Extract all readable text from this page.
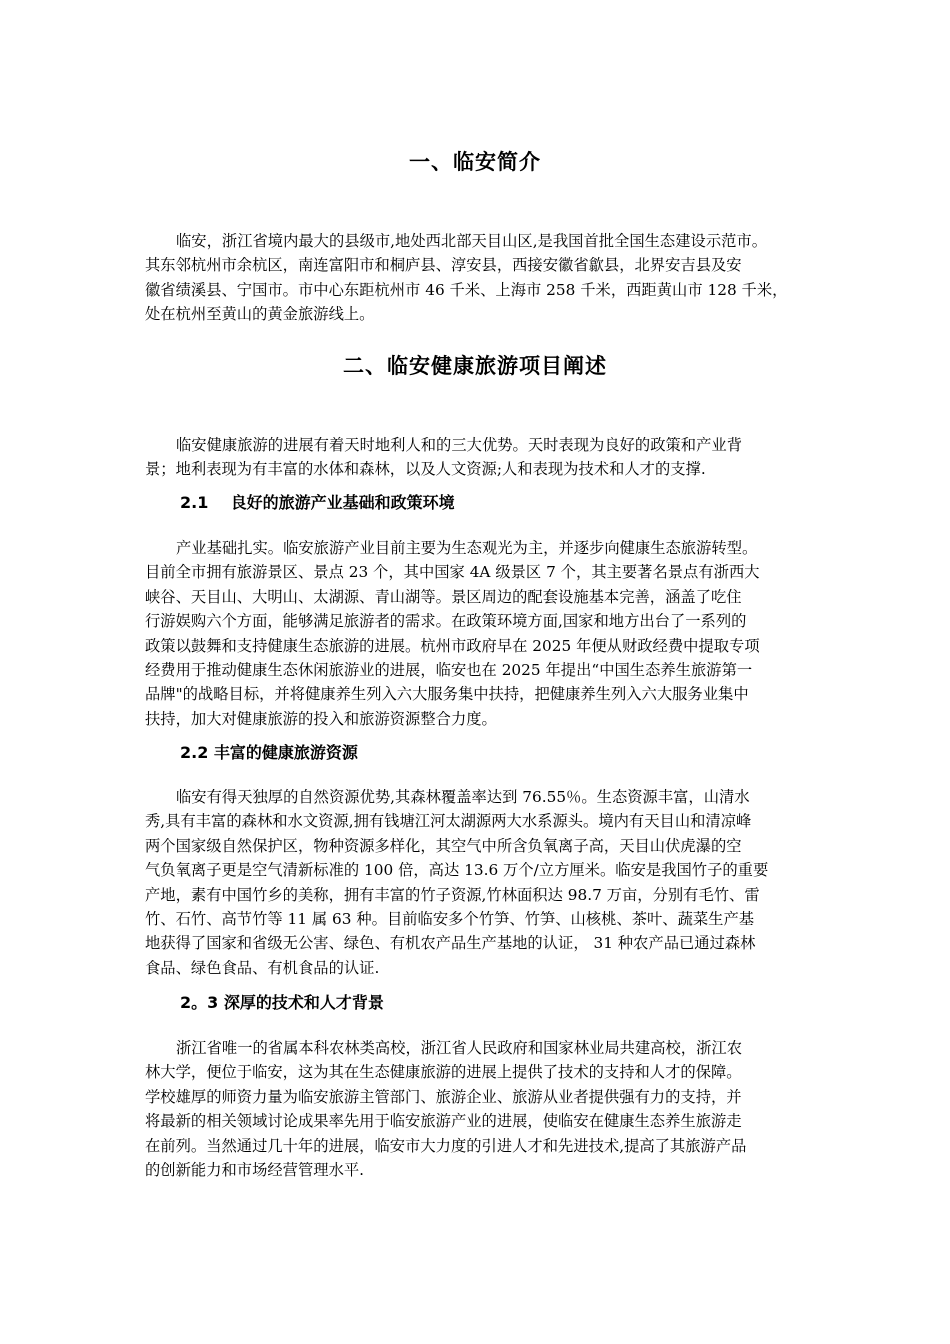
一、临安简介
临安，浙江省境内最大的县级市,地处西北部天目山区,是我国首批全国生态建设示范市。
其东邻杭州市余杭区，南连富阳市和桐庐县、淳安县，西接安徽省歙县，北界安吉县及安
徽省绩溪县、宁国市。市中心东距杭州市 46 千米、上海市 258 千米，西距黄山市 128 千米，
处在杭州至黄山的黄金旅游线上。
二、临安健康旅游项目阐述
临安健康旅游的进展有着天时地利人和的三大优势。天时表现为良好的政策和产业背
景；地利表现为有丰富的水体和森林，以及人文资源;人和表现为技术和人才的支撑.
2.1    良好的旅游产业基础和政策环境
产业基础扎实。临安旅游产业目前主要为生态观光为主，并逐步向健康生态旅游转型。
目前全市拥有旅游景区、景点 23 个，其中国家 4A 级景区 7 个，其主要著名景点有浙西大
峡谷、天目山、大明山、太湖源、青山湖等。景区周边的配套设施基本完善，涵盖了吃住
行游娱购六个方面，能够满足旅游者的需求。在政策环境方面,国家和地方出台了一系列的
政策以鼓舞和支持健康生态旅游的进展。杭州市政府早在 2025 年便从财政经费中提取专项
经费用于推动健康生态休闲旅游业的进展，临安也在 2025 年提出“中国生态养生旅游第一
品牌"的战略目标，并将健康养生列入六大服务集中扶持，把健康养生列入六大服务业集中
扶持，加大对健康旅游的投入和旅游资源整合力度。
2.2 丰富的健康旅游资源
临安有得天独厚的自然资源优势,其森林覆盖率达到 76.55％。生态资源丰富，山清水
秀,具有丰富的森林和水文资源,拥有钱塘江河太湖源两大水系源头。境内有天目山和清凉峰
两个国家级自然保护区，物种资源多样化，其空气中所含负氧离子高，天目山伏虎瀑的空
气负氧离子更是空气清新标准的 100 倍，高达 13.6 万个/立方厘米。临安是我国竹子的重要
产地，素有中国竹乡的美称，拥有丰富的竹子资源,竹林面积达 98.7 万亩，分别有毛竹、雷
竹、石竹、高节竹等 11 属 63 种。目前临安多个竹笋、竹笋、山核桃、茶叶、蔬菜生产基
地获得了国家和省级无公害、绿色、有机农产品生产基地的认证， 31 种农产品已通过森林
食品、绿色食品、有机食品的认证.
2。3 深厚的技术和人才背景
浙江省唯一的省属本科农林类高校，浙江省人民政府和国家林业局共建高校，浙江农
林大学，便位于临安，这为其在生态健康旅游的进展上提供了技术的支持和人才的保障。
学校雄厚的师资力量为临安旅游主管部门、旅游企业、旅游从业者提供强有力的支持，并
将最新的相关领域讨论成果率先用于临安旅游产业的进展，使临安在健康生态养生旅游走
在前列。当然通过几十年的进展，临安市大力度的引进人才和先进技术,提高了其旅游产品
的创新能力和市场经营管理水平.
